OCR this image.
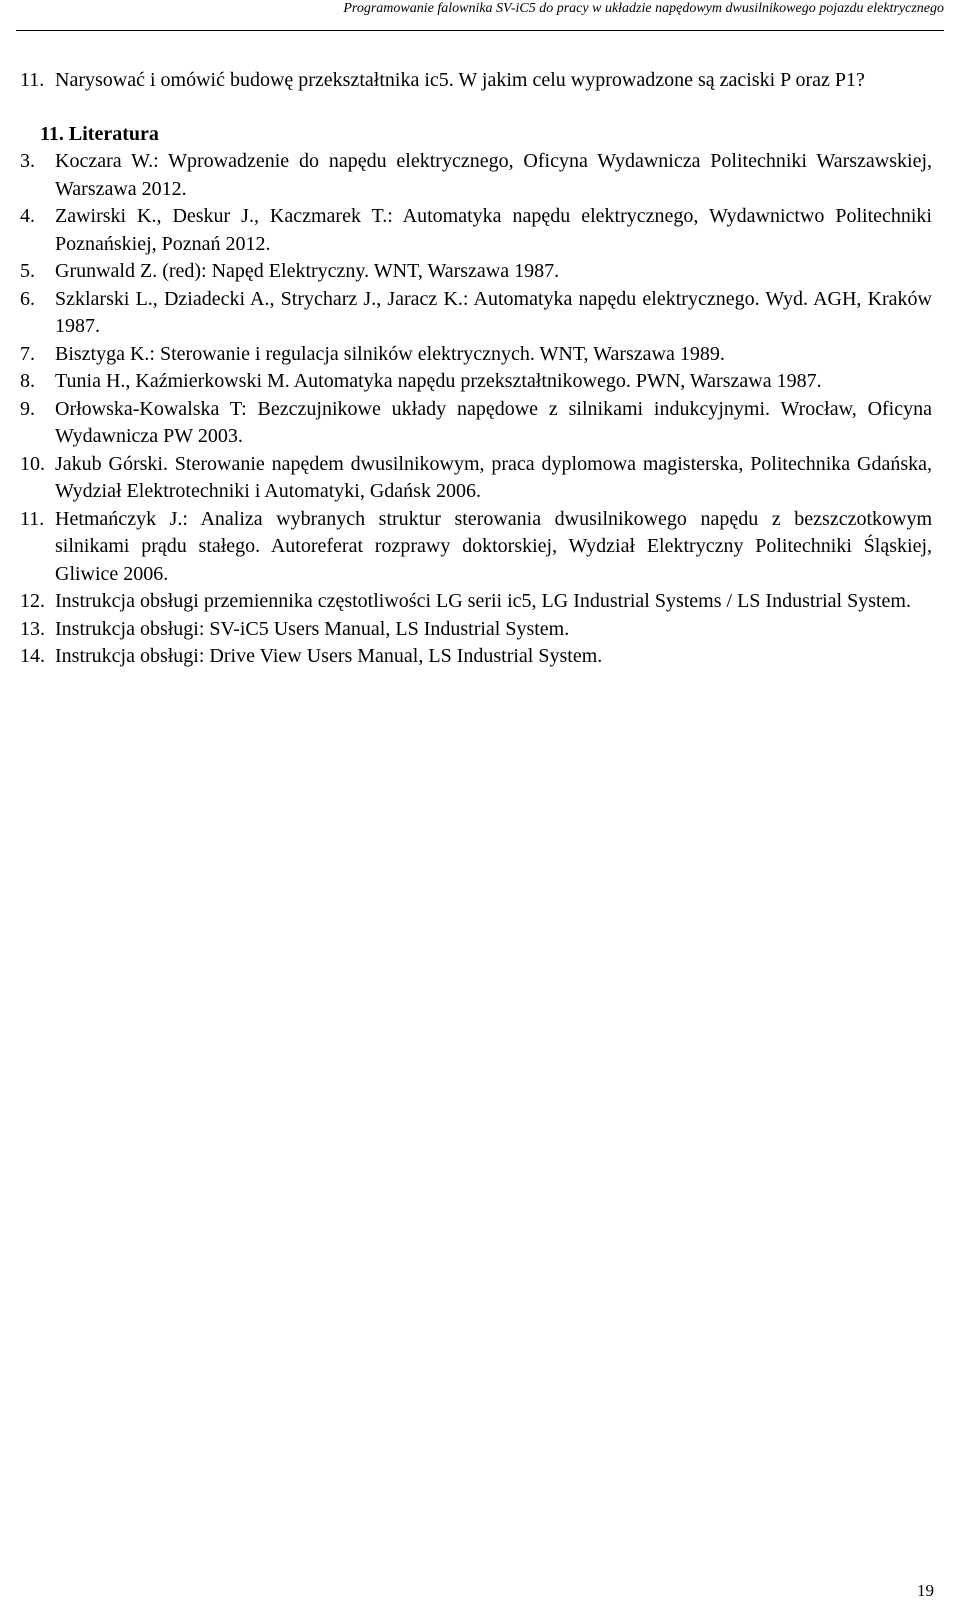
Programowanie falownika SV-iC5 do pracy w układzie napędowym dwusilnikowego pojazdu elektrycznego
11. Narysować i omówić budowę przekształtnika ic5. W jakim celu wyprowadzone są zaciski P oraz P1?
11. Literatura
3.	Koczara W.: Wprowadzenie do napędu elektrycznego, Oficyna Wydawnicza Politechniki Warszawskiej, Warszawa 2012.
4.	Zawirski K., Deskur J., Kaczmarek T.: Automatyka napędu elektrycznego, Wydawnictwo Politechniki Poznańskiej, Poznań 2012.
5.	Grunwald Z. (red): Napęd Elektryczny. WNT, Warszawa 1987.
6.	Szklarski L., Dziadecki A., Strycharz J., Jaracz K.: Automatyka napędu elektrycznego. Wyd. AGH, Kraków 1987.
7.	Bisztyga K.: Sterowanie i regulacja silników elektrycznych. WNT, Warszawa 1989.
8.	Tunia H., Kaźmierkowski M. Automatyka napędu przekształtnikowego. PWN, Warszawa 1987.
9.	Orłowska-Kowalska T: Bezczujnikowe układy napędowe z silnikami indukcyjnymi. Wrocław, Oficyna Wydawnicza PW 2003.
10. Jakub Górski. Sterowanie napędem dwusilnikowym, praca dyplomowa magisterska, Politechnika Gdańska, Wydział Elektrotechniki i Automatyki, Gdańsk 2006.
11. Hetmańczyk J.: Analiza wybranych struktur sterowania dwusilnikowego napędu z bezszczotkowym silnikami prądu stałego. Autoreferat rozprawy doktorskiej, Wydział Elektryczny Politechniki Śląskiej, Gliwice 2006.
12. Instrukcja obsługi przemiennika częstotliwości LG serii ic5, LG Industrial Systems / LS Industrial System.
13. Instrukcja obsługi: SV-iC5 Users Manual, LS Industrial System.
14. Instrukcja obsługi: Drive View Users Manual, LS Industrial System.
19
